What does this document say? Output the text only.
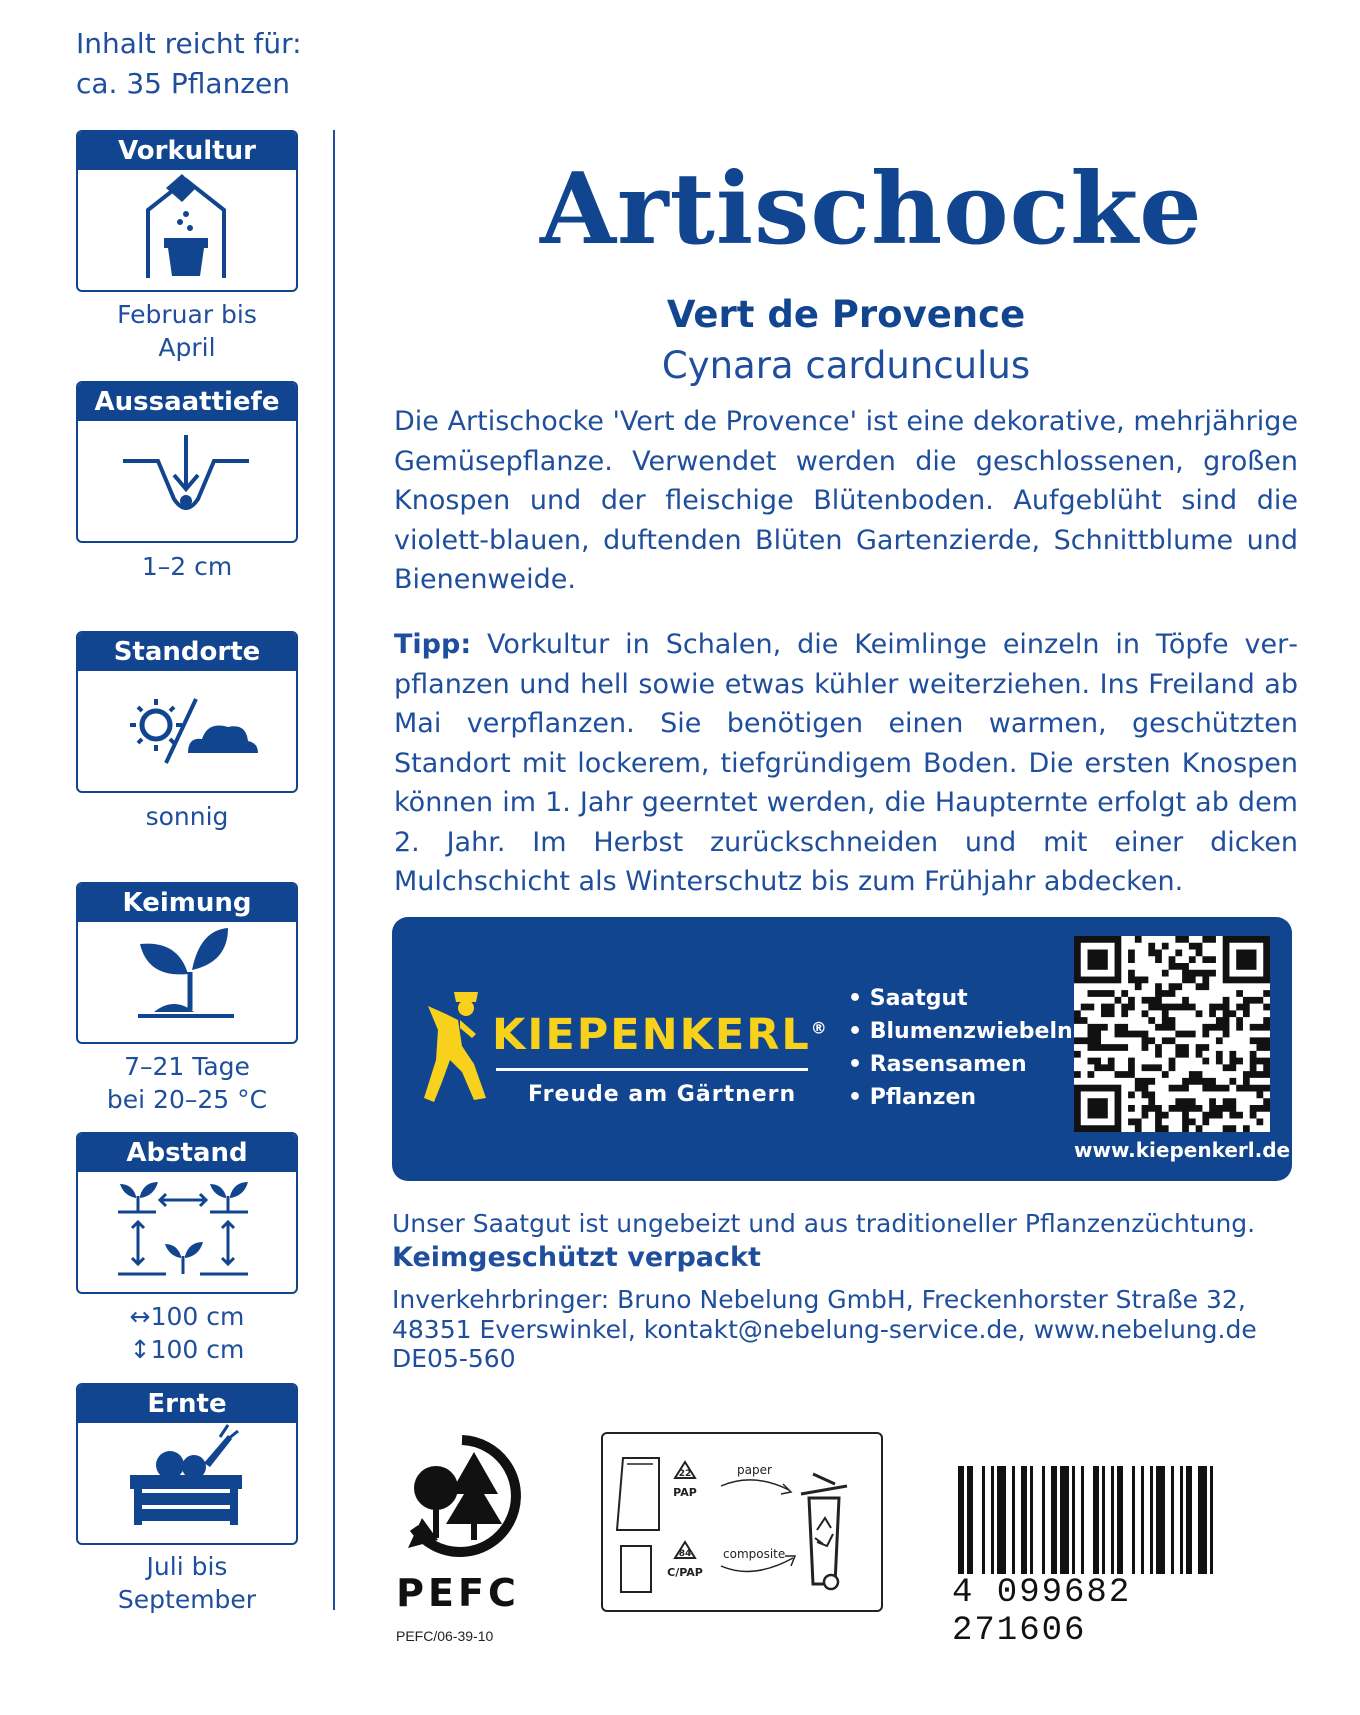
Inhalt reicht für:
ca. 35 Pflanzen
Vorkultur
Februar bis
April
Aussaattiefe
1–2 cm
Standorte
sonnig
Keimung
7–21 Tage
bei 20–25 °C
Abstand
↔100 cm
↕100 cm
Ernte
Juli bis
September
Artischocke
Vert de Provence
Cynara cardunculus
Die Artischocke 'Vert de Provence' ist eine dekorative, mehrjährige Gemüsepflanze. Verwendet werden die geschlossenen, großen Knospen und der fleischige Blütenboden. Aufgeblüht sind die violett-blauen, duftenden Blüten Gartenzierde, Schnittblume und Bienenweide.
Tipp: Vorkultur in Schalen, die Keimlinge einzeln in Töpfe verpflanzen und hell sowie etwas kühler weiterziehen. Ins Freiland ab Mai verpflanzen. Sie benötigen einen warmen, geschützten Standort mit lockerem, tiefgründigem Boden. Die ersten Knospen können im 1. Jahr geerntet werden, die Haupternte erfolgt ab dem 2. Jahr. Im Herbst zurückschneiden und mit einer dicken Mulchschicht als Winterschutz bis zum Frühjahr abdecken.
KIEPENKERL®
Freude am Gärtnern
• Saatgut
• Blumenzwiebeln
• Rasensamen
• Pflanzen
www.kiepenkerl.de
Unser Saatgut ist ungebeizt und aus traditioneller Pflanzenzüchtung.
Keimgeschützt verpackt
Inverkehrbringer: Bruno Nebelung GmbH, Freckenhorster Straße 32,
48351 Everswinkel, kontakt@nebelung-service.de, www.nebelung.de
DE05-560
PEFC
PEFC/06-39-10
22
PAP
84
C/PAP
paper
composite
4 099682 271606
